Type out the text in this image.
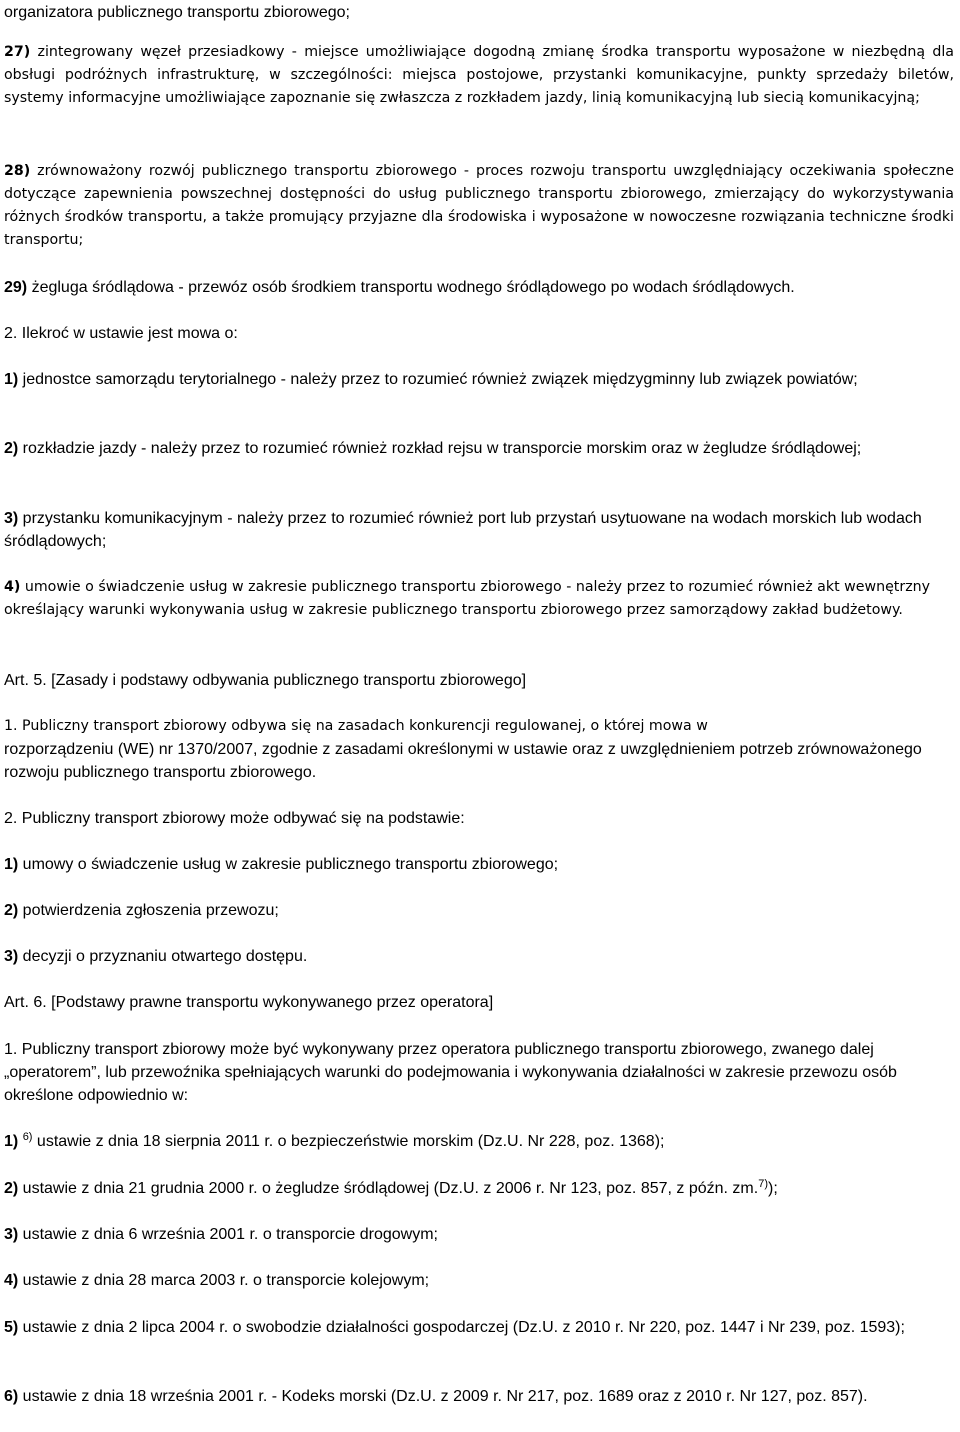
organizatora publicznego transportu zbiorowego;

27) zintegrowany węzeł przesiadkowy - miejsce umożliwiające dogodną zmianę środka transportu wyposażone w niezbędną dla obsługi podróżnych infrastrukturę, w szczególności: miejsca postojowe, przystanki komunikacyjne, punkty sprzedaży biletów, systemy informacyjne umożliwiające zapoznanie się zwłaszcza z rozkładem jazdy, linią komunikacyjną lub siecią komunikacyjną;

28) zrównoważony rozwój publicznego transportu zbiorowego - proces rozwoju transportu uwzględniający oczekiwania społeczne dotyczące zapewnienia powszechnej dostępności do usług publicznego transportu zbiorowego, zmierzający do wykorzystywania różnych środków transportu, a także promujący przyjazne dla środowiska i wyposażone w nowoczesne rozwiązania techniczne środki transportu;

29) żegluga śródlądowa - przewóz osób środkiem transportu wodnego śródlądowego po wodach śródlądowych.

2. Ilekroć w ustawie jest mowa o:

1) jednostce samorządu terytorialnego - należy przez to rozumieć również związek międzygminny lub związek powiatów;

2) rozkładzie jazdy - należy przez to rozumieć również rozkład rejsu w transporcie morskim oraz w żegludze śródlądowej;

3) przystanku komunikacyjnym - należy przez to rozumieć również port lub przystań usytuowane na wodach morskich lub wodach śródlądowych;

4) umowie o świadczenie usług w zakresie publicznego transportu zbiorowego - należy przez to rozumieć również akt wewnętrzny określający warunki wykonywania usług w zakresie publicznego transportu zbiorowego przez samorządowy zakład budżetowy.

Art. 5. [Zasady i podstawy odbywania publicznego transportu zbiorowego]

1. Publiczny transport zbiorowy odbywa się na zasadach konkurencji regulowanej, o której mowa w

rozporządzeniu (WE) nr 1370/2007, zgodnie z zasadami określonymi w ustawie oraz z uwzględnieniem potrzeb zrównoważonego rozwoju publicznego transportu zbiorowego.

2. Publiczny transport zbiorowy może odbywać się na podstawie:

1) umowy o świadczenie usług w zakresie publicznego transportu zbiorowego;

2) potwierdzenia zgłoszenia przewozu;

3) decyzji o przyznaniu otwartego dostępu.

Art. 6. [Podstawy prawne transportu wykonywanego przez operatora]

1. Publiczny transport zbiorowy może być wykonywany przez operatora publicznego transportu zbiorowego, zwanego dalej „operatorem”, lub przewoźnika spełniających warunki do podejmowania i wykonywania działalności w zakresie przewozu osób określone odpowiednio w:

1) $^{6)}$ ustawie z dnia 18 sierpnia 2011 r. o bezpieczeństwie morskim (Dz.U. Nr 228, poz. 1368);

2) ustawie z dnia 21 grudnia 2000 r. o żegludze śródlądowej (Dz.U. z 2006 r. Nr 123, poz. 857, z późn. zm.$^{7)}$);

3) ustawie z dnia 6 września 2001 r. o transporcie drogowym;

4) ustawie z dnia 28 marca 2003 r. o transporcie kolejowym;

5) ustawie z dnia 2 lipca 2004 r. o swobodzie działalności gospodarczej (Dz.U. z 2010 r. Nr 220, poz. 1447 i Nr 239, poz. 1593);

6) ustawie z dnia 18 września 2001 r. - Kodeks morski (Dz.U. z 2009 r. Nr 217, poz. 1689 oraz z 2010 r. Nr 127, poz. 857).
